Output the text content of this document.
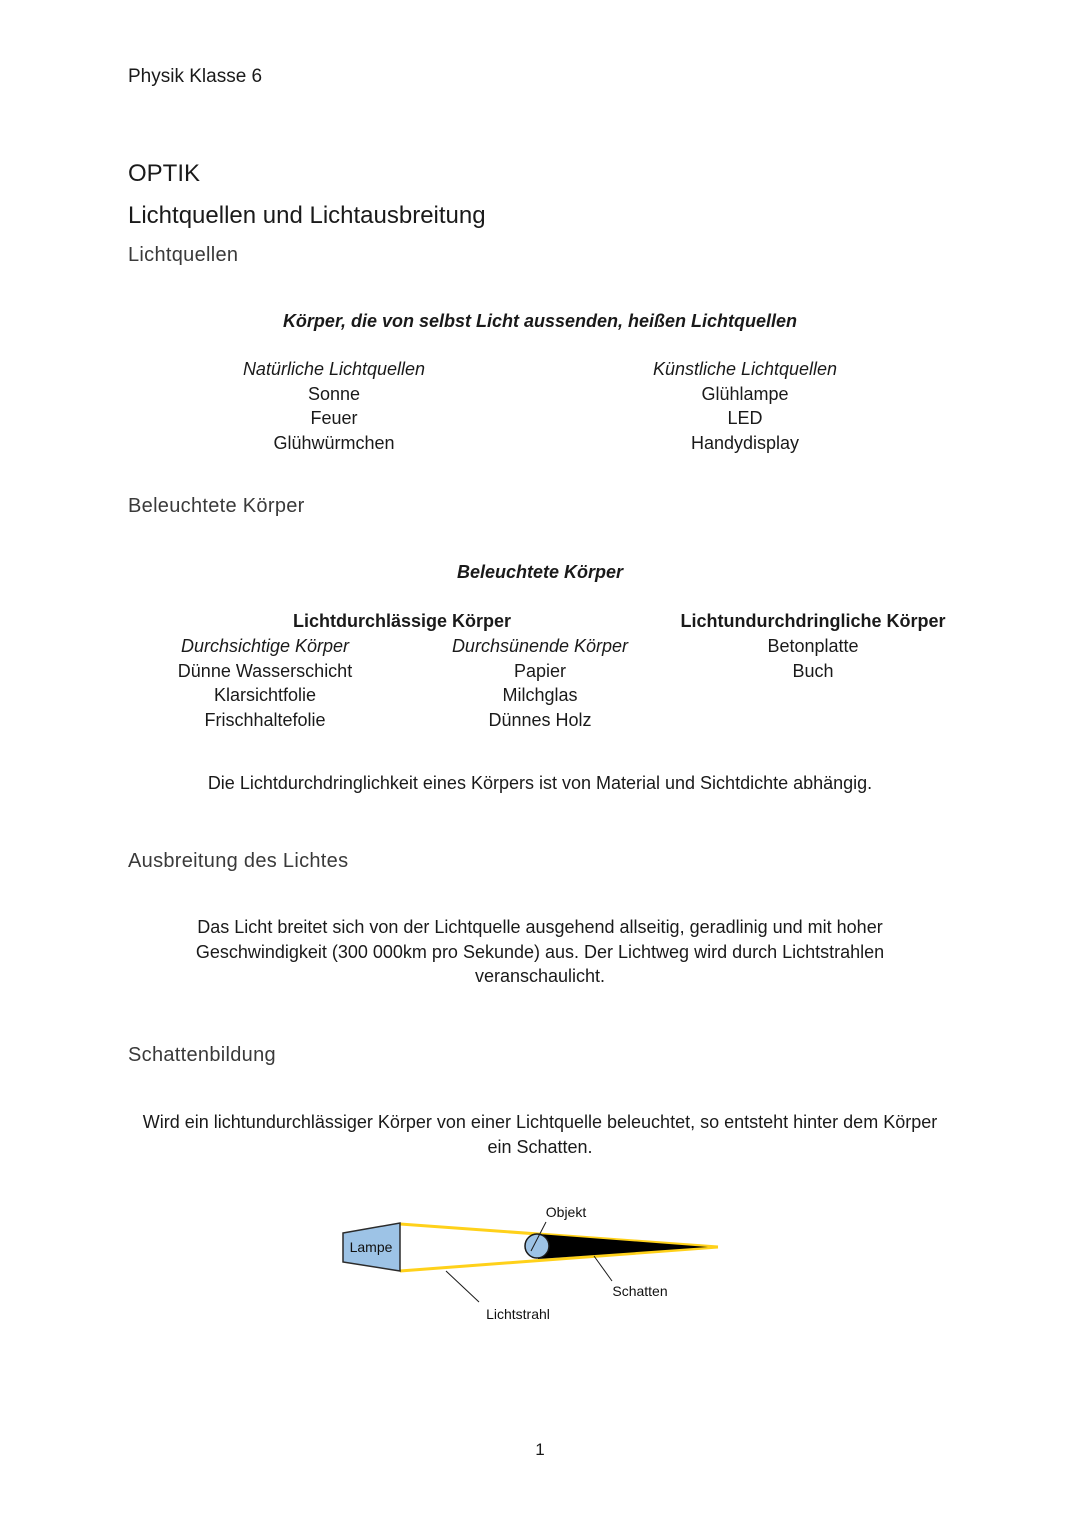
Physik Klasse 6
OPTIK
Lichtquellen und Lichtausbreitung
Lichtquellen
Körper, die von selbst Licht aussenden, heißen Lichtquellen
Natürliche Lichtquellen
Sonne
Feuer
Glühwürmchen
Künstliche Lichtquellen
Glühlampe
LED
Handydisplay
Beleuchtete Körper
Beleuchtete Körper
Lichtdurchlässige Körper	Lichtundurchdringliche Körper
Durchsichtige Körper
Dünne Wasserschicht
Klarsichtfolie
Frischhaltefolie
Durchsünende Körper
Papier
Milchglas
Dünnes Holz
Betonplatte
Buch
Die Lichtdurchdringlichkeit eines Körpers ist von Material und Sichtdichte abhängig.
Ausbreitung des Lichtes
Das Licht breitet sich von der Lichtquelle ausgehend allseitig, geradlinig und mit hoher
Geschwindigkeit (300 000km pro Sekunde) aus. Der Lichtweg wird durch Lichtstrahlen
veranschaulicht.
Schattenbildung
Wird ein lichtundurchlässiger Körper von einer Lichtquelle beleuchtet, so entsteht hinter dem Körper
ein Schatten.
Lampe
Objekt
Schatten
Lichtstrahl
1
